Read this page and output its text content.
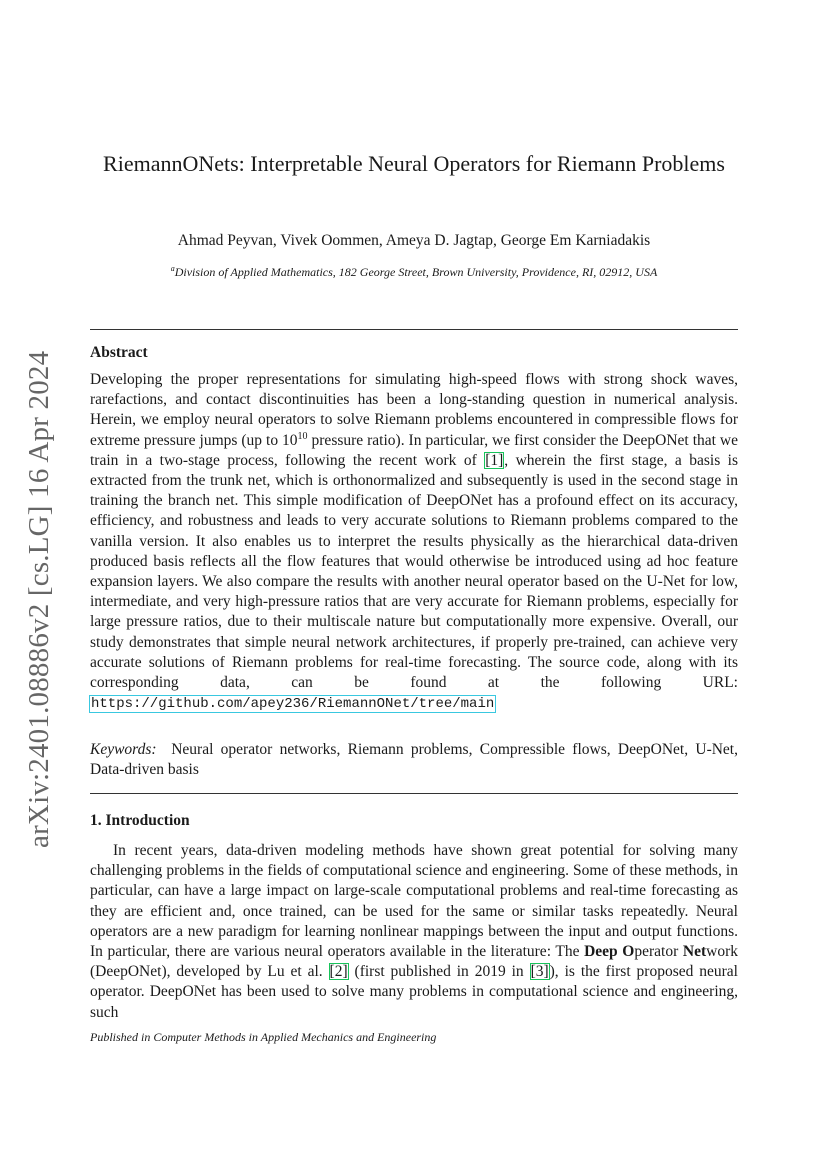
arXiv:2401.08886v2 [cs.LG] 16 Apr 2024
RiemannONets: Interpretable Neural Operators for Riemann Problems
Ahmad Peyvan, Vivek Oommen, Ameya D. Jagtap, George Em Karniadakis
$^a$Division of Applied Mathematics, 182 George Street, Brown University, Providence, RI, 02912, USA
Abstract
Developing the proper representations for simulating high-speed flows with strong shock waves, rarefactions, and contact discontinuities has been a long-standing question in numerical analysis. Herein, we employ neural operators to solve Riemann problems encountered in compressible flows for extreme pressure jumps (up to $10^{10}$ pressure ratio). In particular, we first consider the DeepONet that we train in a two-stage process, following the recent work of [1], wherein the first stage, a basis is extracted from the trunk net, which is orthonormalized and subsequently is used in the second stage in training the branch net. This simple modification of DeepONet has a profound effect on its accuracy, efficiency, and robustness and leads to very accurate solutions to Riemann problems compared to the vanilla version. It also enables us to interpret the results physically as the hierarchical data-driven produced basis reflects all the flow features that would otherwise be introduced using ad hoc feature expansion layers. We also compare the results with another neural operator based on the U-Net for low, intermediate, and very high-pressure ratios that are very accurate for Riemann problems, especially for large pressure ratios, due to their multiscale nature but computationally more expensive. Overall, our study demonstrates that simple neural network architectures, if properly pre-trained, can achieve very accurate solutions of Riemann problems for real-time forecasting. The source code, along with its corresponding data, can be found at the following URL: https://github.com/apey236/RiemannONet/tree/main
Keywords: Neural operator networks, Riemann problems, Compressible flows, DeepONet, U-Net, Data-driven basis
1. Introduction
In recent years, data-driven modeling methods have shown great potential for solving many challenging problems in the fields of computational science and engineering. Some of these methods, in particular, can have a large impact on large-scale computational problems and real-time forecasting as they are efficient and, once trained, can be used for the same or similar tasks repeatedly. Neural operators are a new paradigm for learning nonlinear mappings between the input and output functions. In particular, there are various neural operators available in the literature: The Deep Operator Network (DeepONet), developed by Lu et al. [2] (first published in 2019 in [3]), is the first proposed neural operator. DeepONet has been used to solve many problems in computational science and engineering, such
Published in Computer Methods in Applied Mechanics and Engineering
